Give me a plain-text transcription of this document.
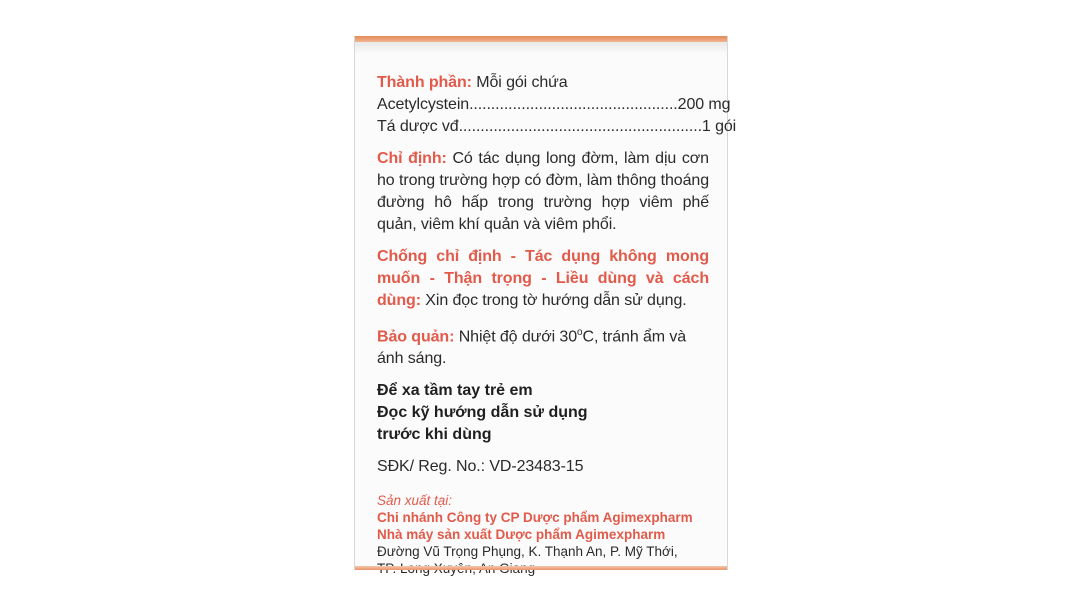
Thành phần: Mỗi gói chứa

Acetylcystein ................................................ 200 mg
Tá dược vđ ........................................................ 1 gói

Chỉ định: Có tác dụng long đờm, làm dịu cơn ho trong trường hợp có đờm, làm thông thoáng đường hô hấp trong trường hợp viêm phế quản, viêm khí quản và viêm phổi.

Chống chỉ định - Tác dụng không mong muốn - Thận trọng - Liều dùng và cách dùng: Xin đọc trong tờ hướng dẫn sử dụng.

Bảo quản: Nhiệt độ dưới 30$^o$C, tránh ẩm và ánh sáng.

Để xa tầm tay trẻ em
Đọc kỹ hướng dẫn sử dụng
trước khi dùng

SĐK/ Reg. No.: VD-23483-15

Sản xuất tại:
Chi nhánh Công ty CP Dược phẩm Agimexpharm
Nhà máy sản xuất Dược phẩm Agimexpharm
Đường Vũ Trọng Phụng, K. Thạnh An, P. Mỹ Thới,
